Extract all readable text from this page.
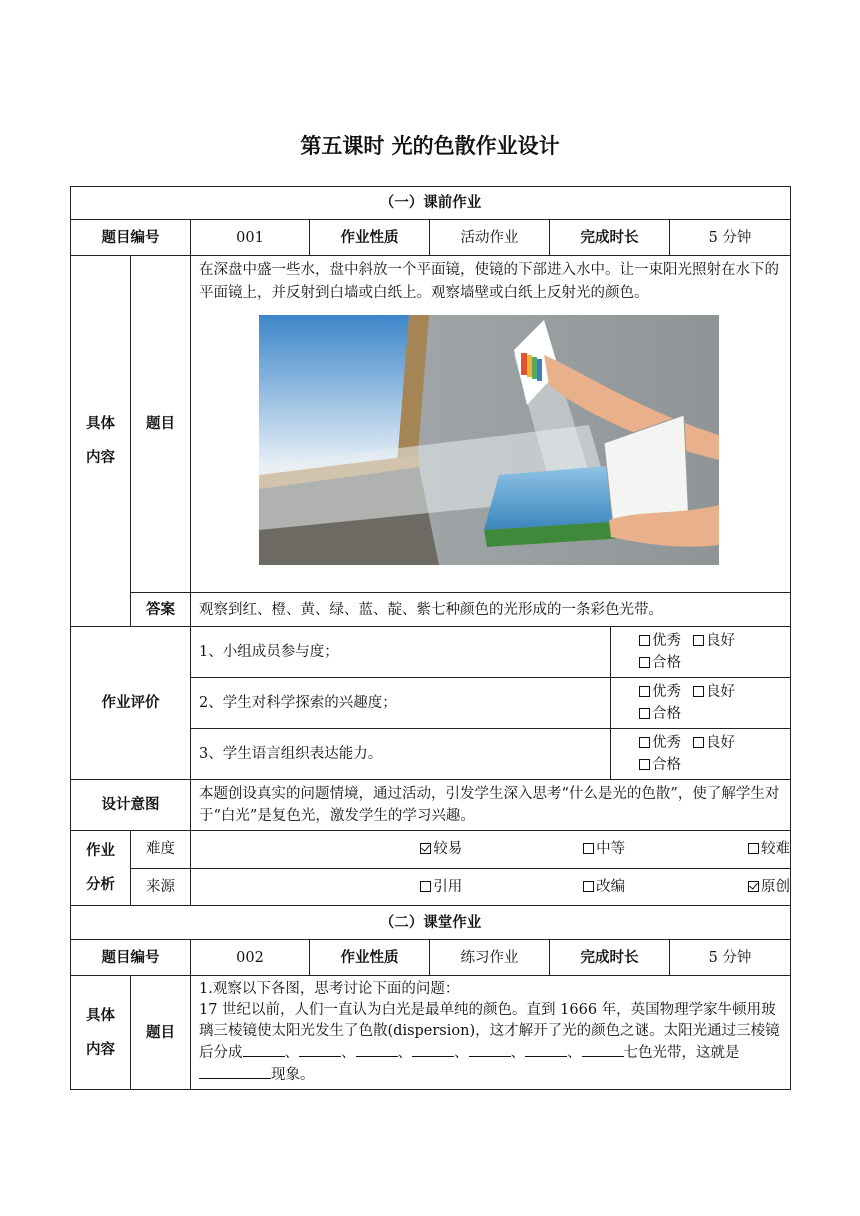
第五课时 光的色散作业设计
（一）课前作业							
题目编号		001	作业性质	活动作业	完成时长		5 分钟
具体内容	题目	在深盘中盛一些水，盘中斜放一个平面镜，使镜的下部进入水中。让一束阳光照射在水下的平面镜上，并反射到白墙或白纸上。观察墙壁或白纸上反射光的颜色。					

	答案	观察到红、橙、黄、绿、蓝、靛、紫七种颜色的光形成的一条彩色光带。					
作业评价		1、小组成员参与度；				优秀 良好合格	
		2、学生对科学探索的兴趣度；				优秀 良好合格	
		3、学生语言组织表达能力。				优秀 良好合格	
设计意图		本题创设真实的问题情境，通过活动，引发学生深入思考“什么是光的色散”，使了解学生对于“白光”是复色光，激发学生的学习兴趣。					
作业分析	难度	较易 中等 较难					

	来源	引用 改编 原创					

（二）课堂作业							
题目编号		002	作业性质	练习作业	完成时长		5 分钟
具体内容	题目	1.观察以下各图，思考讨论下面的问题：
17 世纪以前，人们一直认为白光是最单纯的颜色。直到 1666 年，英国物理学家牛顿用玻璃三棱镜使太阳光发生了色散(dispersion)，这才解开了光的颜色之谜。太阳光通过三棱镜后分成 、 、 、 、 、 、 七色光带，这就是现象。					
